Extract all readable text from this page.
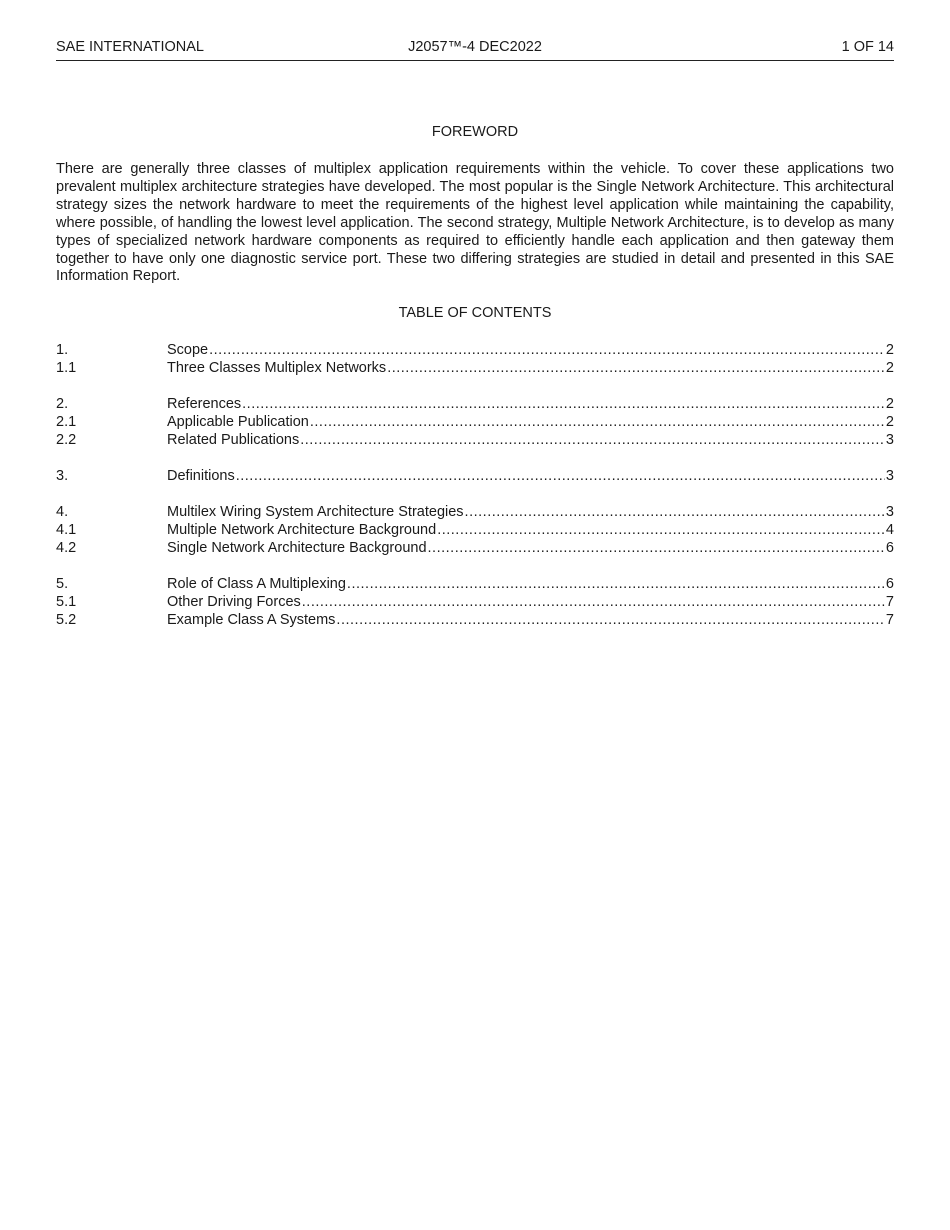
SAE INTERNATIONAL	J2057™-4 DEC2022	1 OF 14
FOREWORD

There are generally three classes of multiplex application requirements within the vehicle. To cover these applications two prevalent multiplex architecture strategies have developed. The most popular is the Single Network Architecture. This architectural strategy sizes the network hardware to meet the requirements of the highest level application while maintaining the capability, where possible, of handling the lowest level application. The second strategy, Multiple Network Architecture, is to develop as many types of specialized network hardware components as required to efficiently handle each application and then gateway them together to have only one diagnostic service port. These two differing strategies are studied in detail and presented in this SAE Information Report.

TABLE OF CONTENTS
1.	Scope .....	2
1.1	Three Classes Multiplex Networks .....	2
2.	References .....	2
2.1	Applicable Publication .....	2
2.2	Related Publications .....	3
3.	Definitions .....	3
4.	Multilex Wiring System Architecture Strategies .....	3
4.1	Multiple Network Architecture Background .....	4
4.2	Single Network Architecture Background .....	6
5.	Role of Class A Multiplexing .....	6
5.1	Other Driving Forces .....	7
5.2	Example Class A Systems .....	7
